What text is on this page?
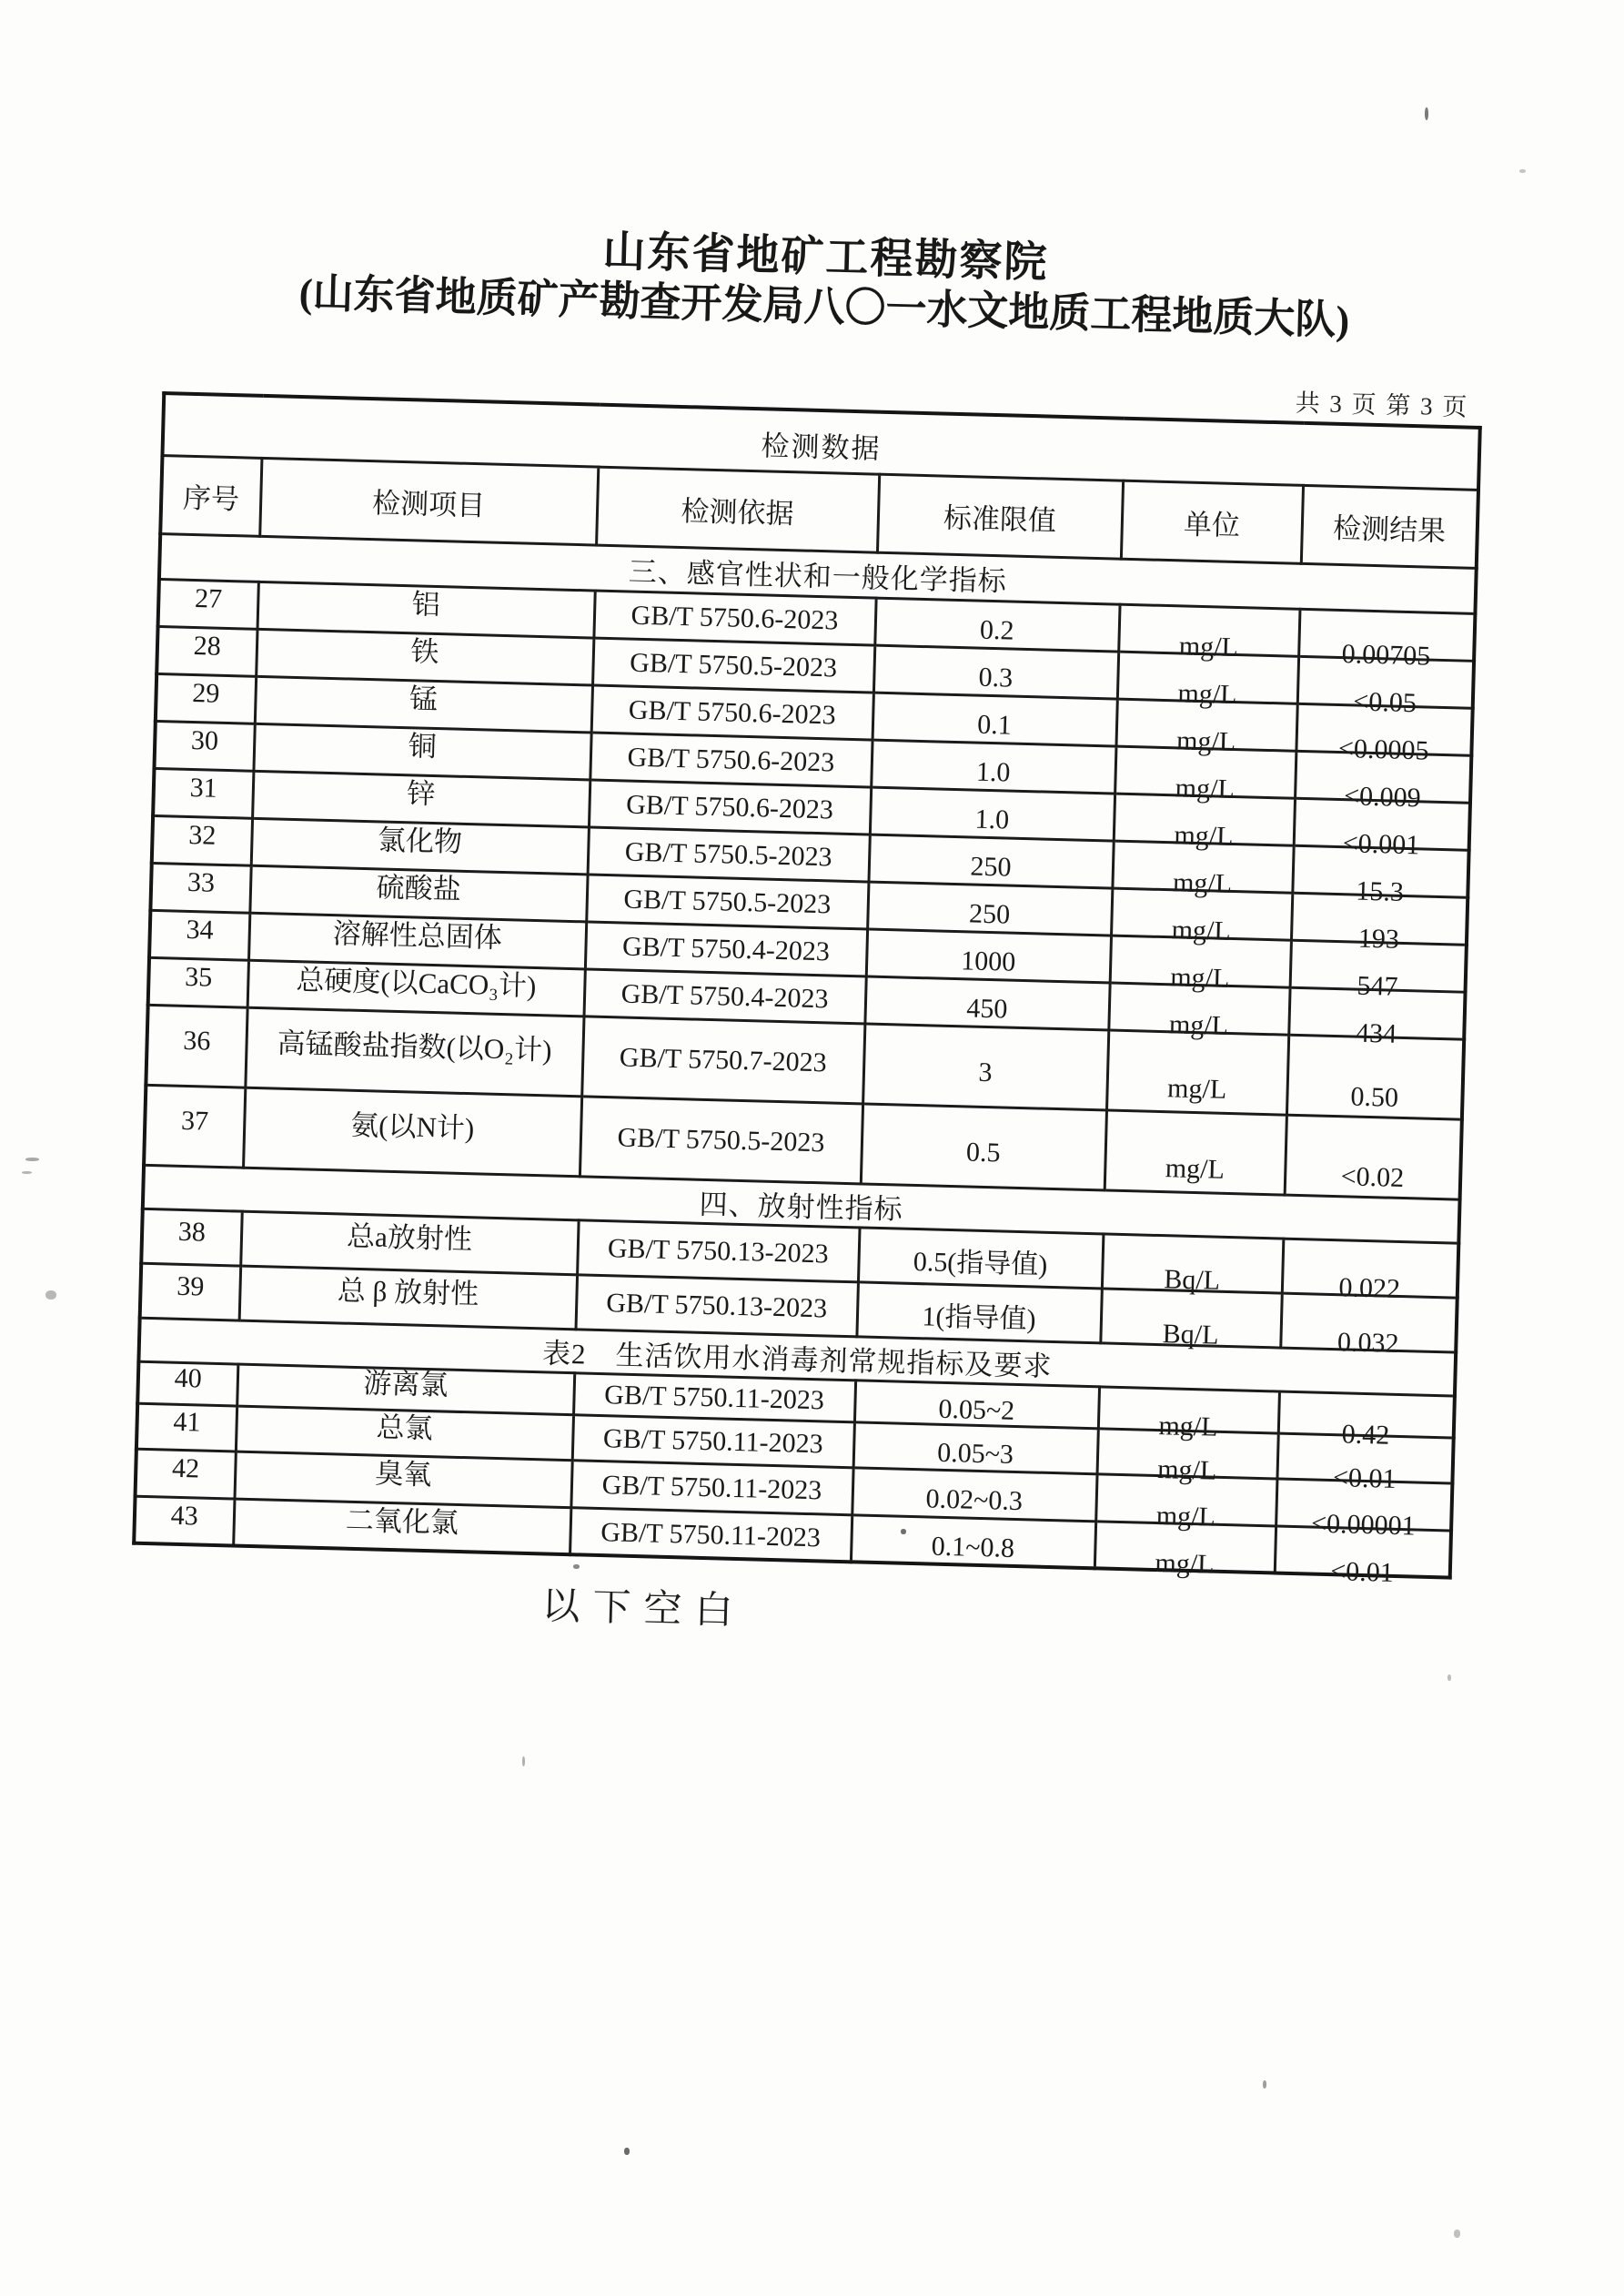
山东省地矿工程勘察院
(山东省地质矿产勘查开发局八〇一水文地质工程地质大队)
共 3 页 第 3 页
检测数据					
序号	检测项目	检测依据	标准限值	单位	检测结果
三、感官性状和一般化学指标					
27	铝	GB/T 5750.6-2023	0.2	mg/L	0.00705
28	铁	GB/T 5750.5-2023	0.3	mg/L	<0.05
29	锰	GB/T 5750.6-2023	0.1	mg/L	<0.0005
30	铜	GB/T 5750.6-2023	1.0	mg/L	<0.009
31	锌	GB/T 5750.6-2023	1.0	mg/L	<0.001
32	氯化物	GB/T 5750.5-2023	250	mg/L	15.3
33	硫酸盐	GB/T 5750.5-2023	250	mg/L	193
34	溶解性总固体	GB/T 5750.4-2023	1000	mg/L	547
35	总硬度(以CaCO₃计)	GB/T 5750.4-2023	450	mg/L	434
36	高锰酸盐指数(以O₂计)	GB/T 5750.7-2023	3	mg/L	0.50
37	氨(以N计)	GB/T 5750.5-2023	0.5	mg/L	<0.02
四、放射性指标					
38	总a放射性	GB/T 5750.13-2023	0.5(指导值)	Bq/L	0.022
39	总 β 放射性	GB/T 5750.13-2023	1(指导值)	Bq/L	0.032
表2　生活饮用水消毒剂常规指标及要求					
40	游离氯	GB/T 5750.11-2023	0.05~2	mg/L	0.42
41	总氯	GB/T 5750.11-2023	0.05~3	mg/L	<0.01
42	臭氧	GB/T 5750.11-2023	0.02~0.3	mg/L	<0.00001
43	二氧化氯	GB/T 5750.11-2023	0.1~0.8	mg/L	<0.01
以下空白
